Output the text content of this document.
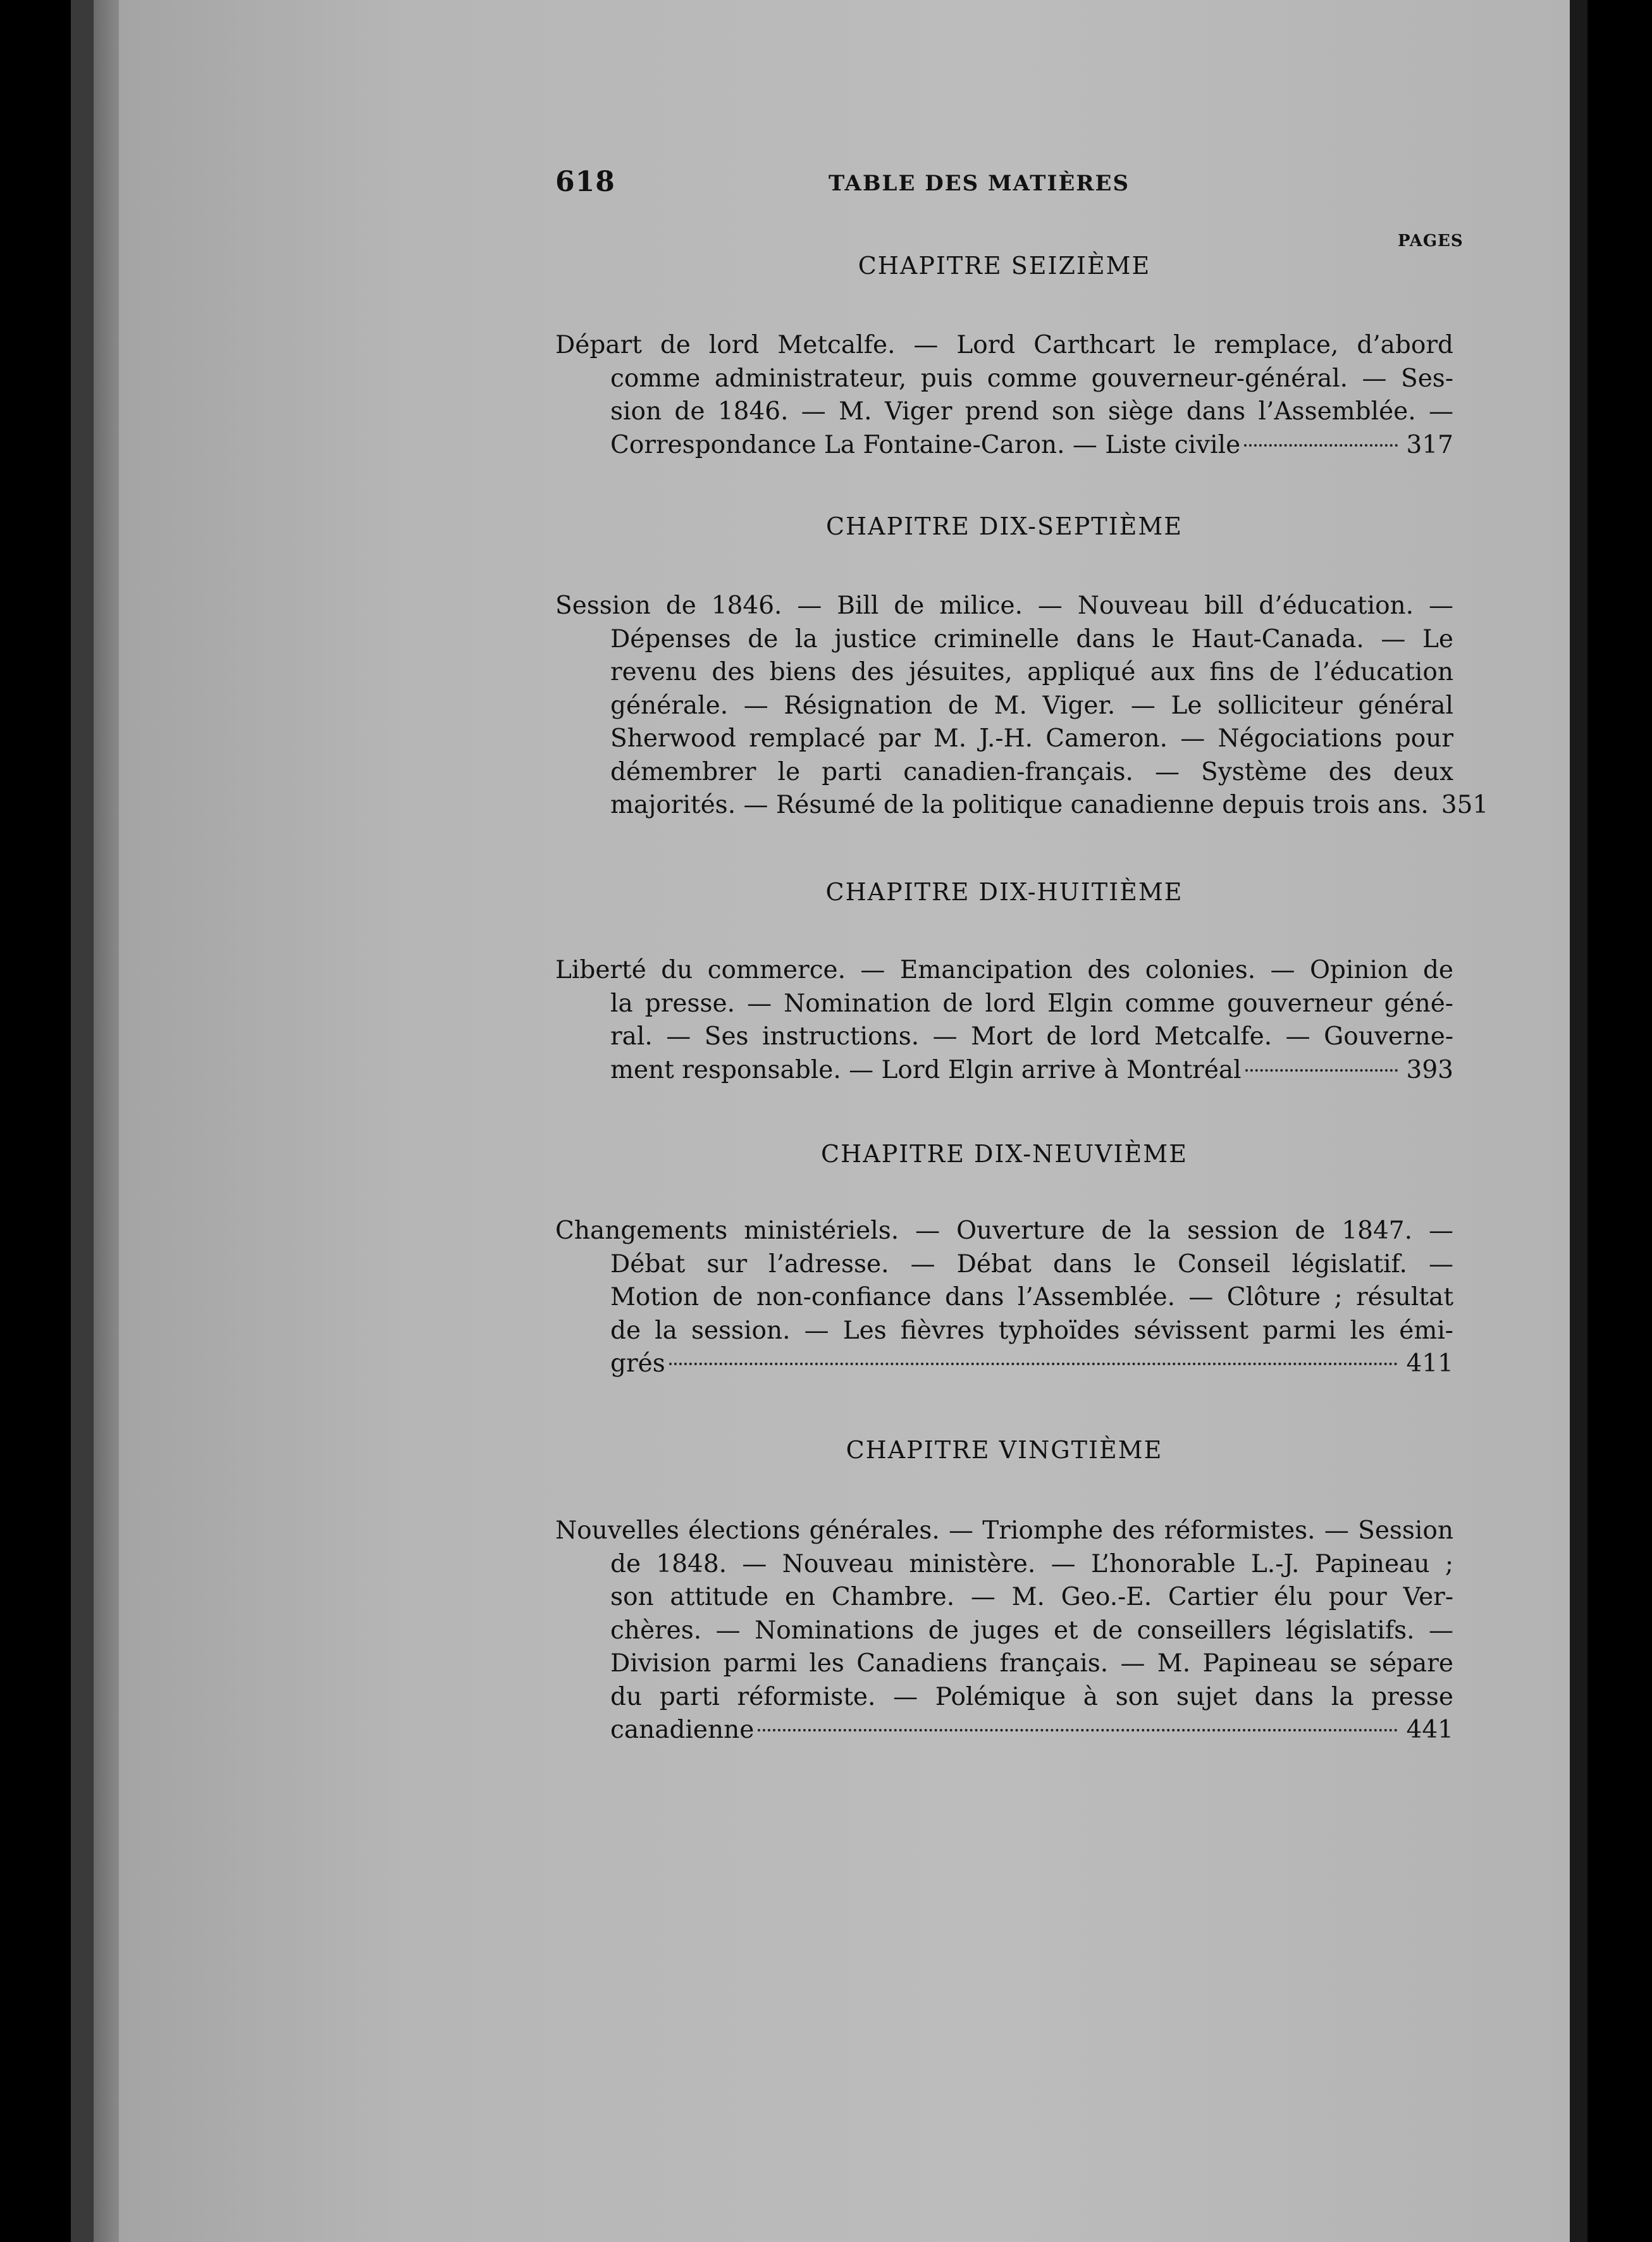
618	TABLE DES MATIÈRES
PAGES
CHAPITRE SEIZIÈME
Départ de lord Metcalfe. — Lord Carthcart le remplace, d’abord
comme administrateur, puis comme gouverneur-général. — Ses-
sion de 1846. — M. Viger prend son siège dans l’Assemblée. —
Correspondance La Fontaine-Caron. — Liste civile	317
CHAPITRE DIX-SEPTIÈME
Session de 1846. — Bill de milice. — Nouveau bill d’éducation. —
Dépenses de la justice criminelle dans le Haut-Canada. — Le
revenu des biens des jésuites, appliqué aux fins de l’éducation
générale. — Résignation de M. Viger. — Le solliciteur général
Sherwood remplacé par M. J.-H. Cameron. — Négociations pour
démembrer le parti canadien-français. — Système des deux
majorités. — Résumé de la politique canadienne depuis trois ans. 351
CHAPITRE DIX-HUITIÈME
Liberté du commerce. — Emancipation des colonies. — Opinion de
la presse. — Nomination de lord Elgin comme gouverneur géné-
ral. — Ses instructions. — Mort de lord Metcalfe. — Gouverne-
ment responsable. — Lord Elgin arrive à Montréal	393
CHAPITRE DIX-NEUVIÈME
Changements ministériels. — Ouverture de la session de 1847. —
Débat sur l’adresse. — Débat dans le Conseil législatif. —
Motion de non-confiance dans l’Assemblée. — Clôture ; résultat
de la session. — Les fièvres typhoïdes sévissent parmi les émi-
grés	411
CHAPITRE VINGTIÈME
Nouvelles élections générales. — Triomphe des réformistes. — Session
de 1848. — Nouveau ministère. — L’honorable L.-J. Papineau ;
son attitude en Chambre. — M. Geo.-E. Cartier élu pour Ver-
chères. — Nominations de juges et de conseillers législatifs. —
Division parmi les Canadiens français. — M. Papineau se sépare
du parti réformiste. — Polémique à son sujet dans la presse
canadienne	441
